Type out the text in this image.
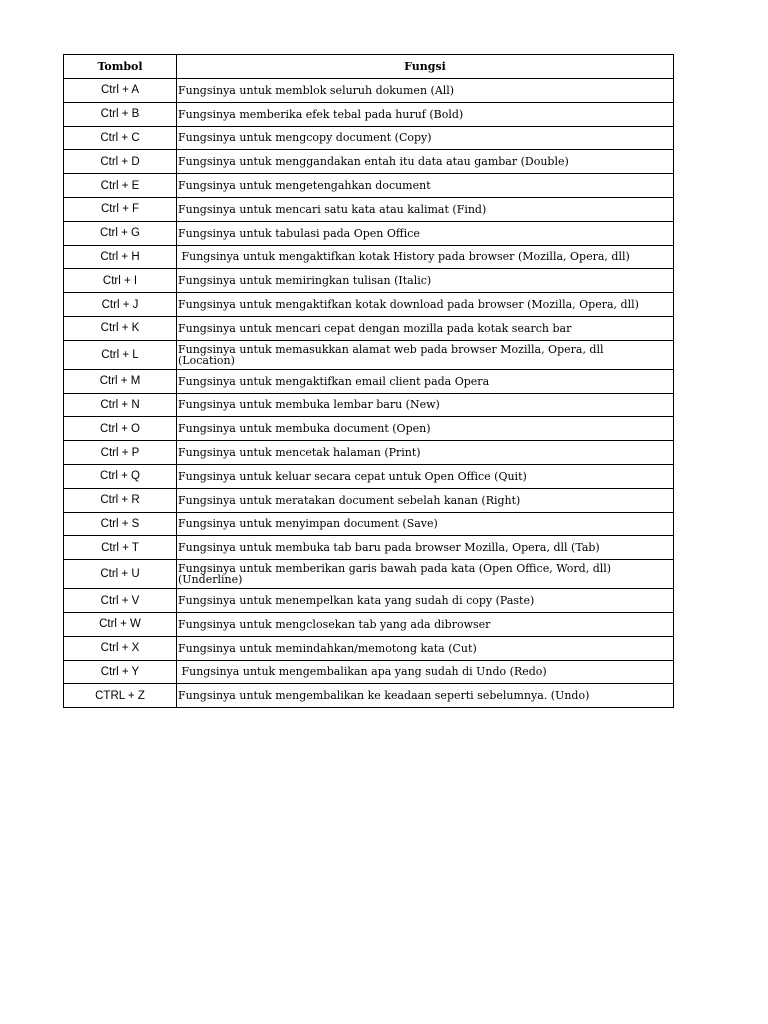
Tombol	Fungsi
Ctrl + A	Fungsinya untuk memblok seluruh dokumen (All)
Ctrl + B	Fungsinya memberika efek tebal pada huruf (Bold)
Ctrl + C	Fungsinya untuk mengcopy document (Copy)
Ctrl + D	Fungsinya untuk menggandakan entah itu data atau gambar (Double)
Ctrl + E	Fungsinya untuk mengetengahkan document
Ctrl + F	Fungsinya untuk mencari satu kata atau kalimat (Find)
Ctrl + G	Fungsinya untuk tabulasi pada Open Office
Ctrl + H	Fungsinya untuk mengaktifkan kotak History pada browser (Mozilla, Opera, dll)
Ctrl + I	Fungsinya untuk memiringkan tulisan (Italic)
Ctrl + J	Fungsinya untuk mengaktifkan kotak download pada browser (Mozilla, Opera, dll)
Ctrl + K	Fungsinya untuk mencari cepat dengan mozilla pada kotak search bar
Ctrl + L	Fungsinya untuk memasukkan alamat web pada browser Mozilla, Opera, dll
(Location)
Ctrl + M	Fungsinya untuk mengaktifkan email client pada Opera
Ctrl + N	Fungsinya untuk membuka lembar baru (New)
Ctrl + O	Fungsinya untuk membuka document (Open)
Ctrl + P	Fungsinya untuk mencetak halaman (Print)
Ctrl + Q	Fungsinya untuk keluar secara cepat untuk Open Office (Quit)
Ctrl + R	Fungsinya untuk meratakan document sebelah kanan (Right)
Ctrl + S	Fungsinya untuk menyimpan document (Save)
Ctrl + T	Fungsinya untuk membuka tab baru pada browser Mozilla, Opera, dll (Tab)
Ctrl + U	Fungsinya untuk memberikan garis bawah pada kata (Open Office, Word, dll)
(Underline)
Ctrl + V	Fungsinya untuk menempelkan kata yang sudah di copy (Paste)
Ctrl + W	Fungsinya untuk mengclosekan tab yang ada dibrowser
Ctrl + X	Fungsinya untuk memindahkan/memotong kata (Cut)
Ctrl + Y	Fungsinya untuk mengembalikan apa yang sudah di Undo (Redo)
CTRL + Z	Fungsinya untuk mengembalikan ke keadaan seperti sebelumnya. (Undo)
